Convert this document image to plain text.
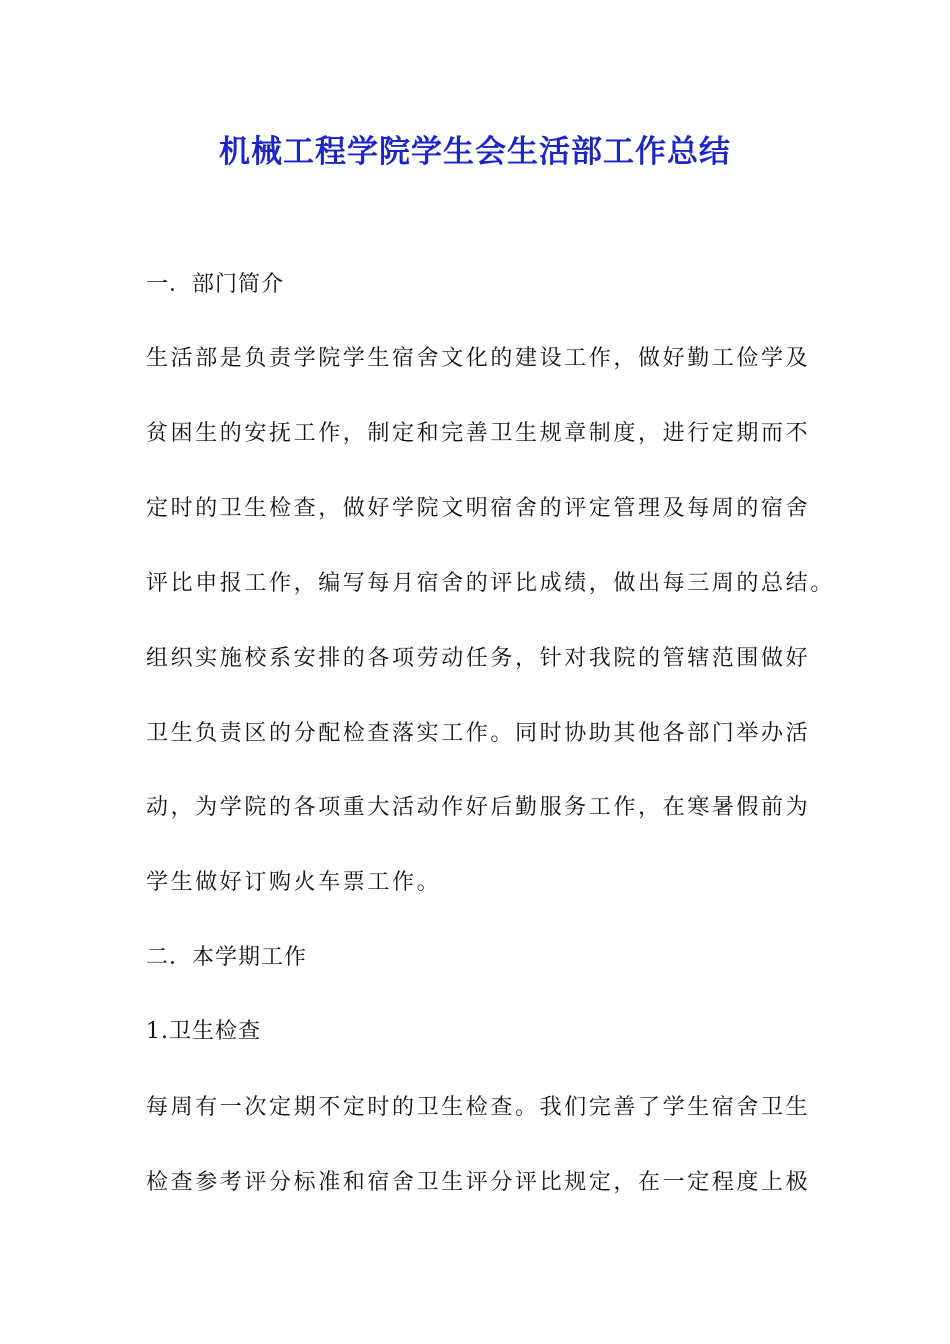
机械工程学院学生会生活部工作总结
一．部门简介
生活部是负责学院学生宿舍文化的建设工作，做好勤工俭学及
贫困生的安抚工作，制定和完善卫生规章制度，进行定期而不
定时的卫生检查，做好学院文明宿舍的评定管理及每周的宿舍
评比申报工作，编写每月宿舍的评比成绩，做出每三周的总结。
组织实施校系安排的各项劳动任务，针对我院的管辖范围做好
卫生负责区的分配检查落实工作。同时协助其他各部门举办活
动，为学院的各项重大活动作好后勤服务工作，在寒暑假前为
学生做好订购火车票工作。
二．本学期工作
1.卫生检查
每周有一次定期不定时的卫生检查。我们完善了学生宿舍卫生
检查参考评分标准和宿舍卫生评分评比规定，在一定程度上极
